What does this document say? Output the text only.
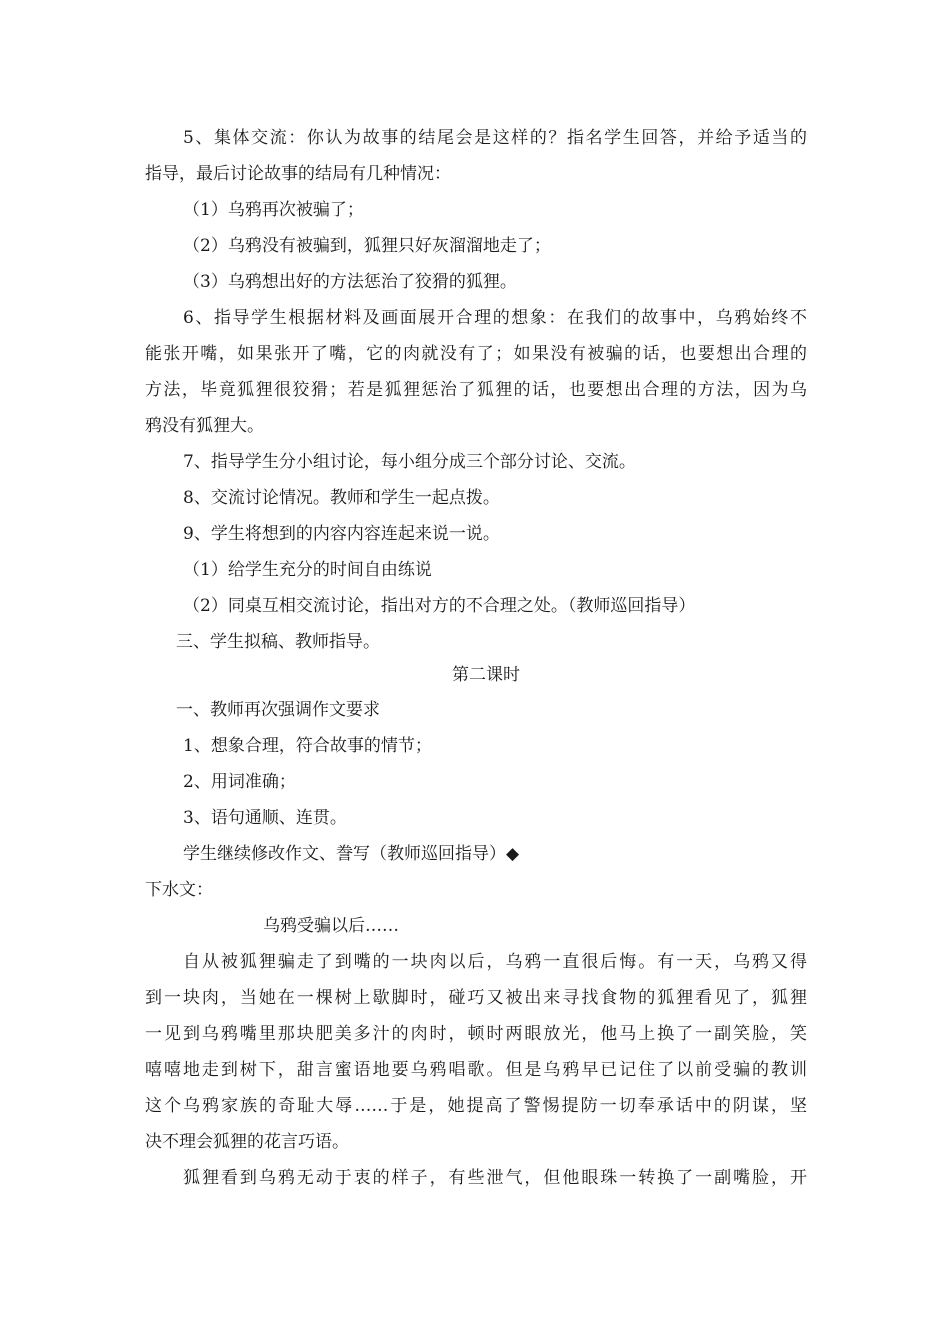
5、集体交流：你认为故事的结尾会是这样的？指名学生回答，并给予适当的

指导，最后讨论故事的结局有几种情况：

（1）乌鸦再次被骗了；

（2）乌鸦没有被骗到，狐狸只好灰溜溜地走了；

（3）乌鸦想出好的方法惩治了狡猾的狐狸。

6、指导学生根据材料及画面展开合理的想象：在我们的故事中，乌鸦始终不

能张开嘴，如果张开了嘴，它的肉就没有了；如果没有被骗的话，也要想出合理的

方法，毕竟狐狸很狡猾；若是狐狸惩治了狐狸的话，也要想出合理的方法，因为乌

鸦没有狐狸大。

7、指导学生分小组讨论，每小组分成三个部分讨论、交流。

8、交流讨论情况。教师和学生一起点拨。

9、学生将想到的内容内容连起来说一说。

（1）给学生充分的时间自由练说

（2）同桌互相交流讨论，指出对方的不合理之处。（教师巡回指导）

三、学生拟稿、教师指导。

第二课时

一、教师再次强调作文要求

1、想象合理，符合故事的情节；

2、用词准确；

3、语句通顺、连贯。

学生继续修改作文、誊写（教师巡回指导）◆

下水文：

乌鸦受骗以后……

自从被狐狸骗走了到嘴的一块肉以后，乌鸦一直很后悔。有一天，乌鸦又得

到一块肉，当她在一棵树上歇脚时，碰巧又被出来寻找食物的狐狸看见了，狐狸

一见到乌鸦嘴里那块肥美多汁的肉时，顿时两眼放光，他马上换了一副笑脸，笑

嘻嘻地走到树下，甜言蜜语地要乌鸦唱歌。但是乌鸦早已记住了以前受骗的教训

这个乌鸦家族的奇耻大辱……于是，她提高了警惕提防一切奉承话中的阴谋，坚

决不理会狐狸的花言巧语。

狐狸看到乌鸦无动于衷的样子，有些泄气，但他眼珠一转换了一副嘴脸，开
